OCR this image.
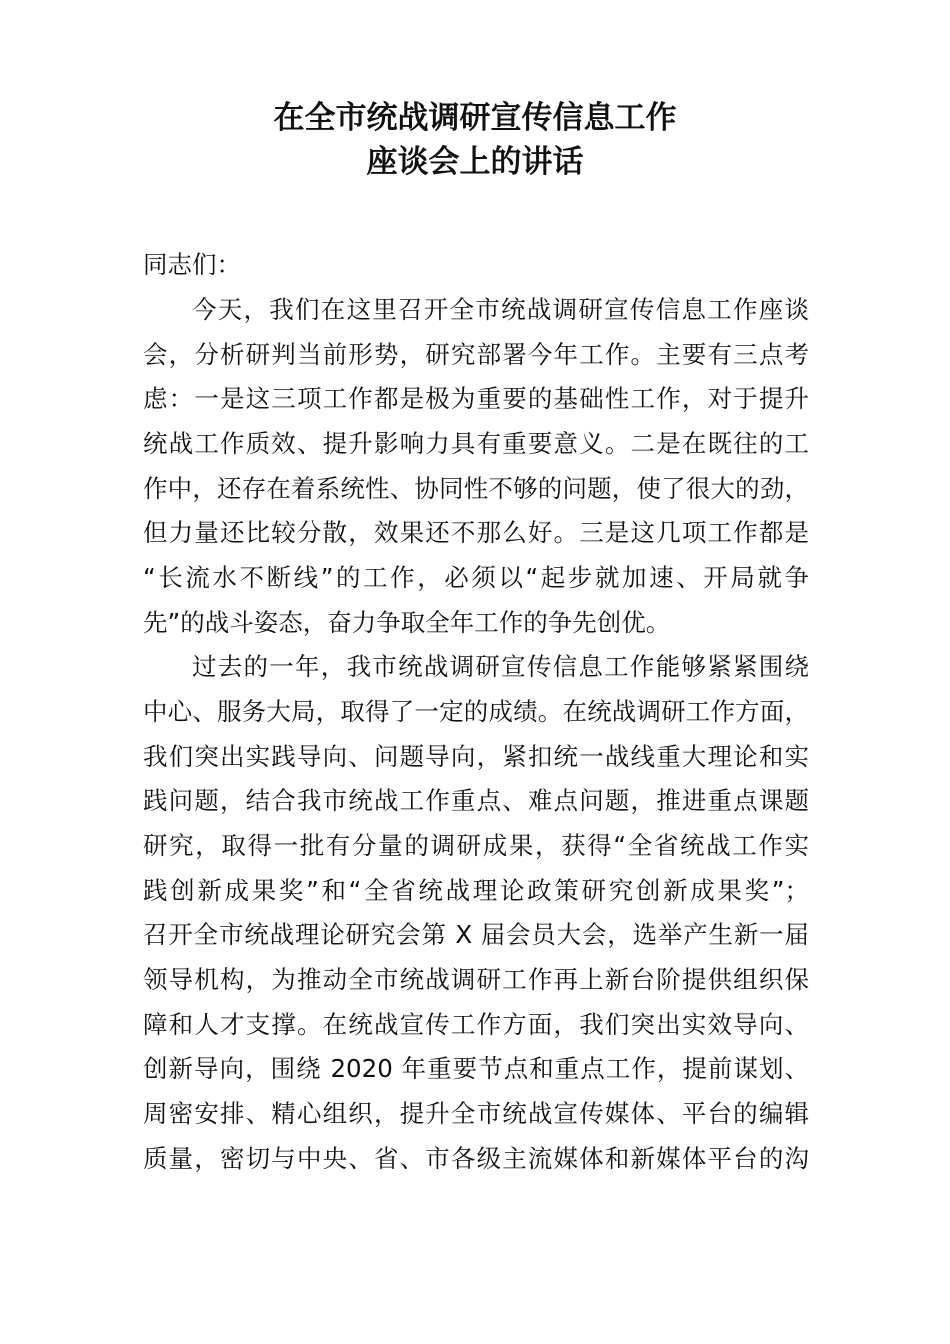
在全市统战调研宣传信息工作
座谈会上的讲话

同志们：

今天，我们在这里召开全市统战调研宣传信息工作座谈

会，分析研判当前形势，研究部署今年工作。主要有三点考

虑：一是这三项工作都是极为重要的基础性工作，对于提升

统战工作质效、提升影响力具有重要意义。二是在既往的工

作中，还存在着系统性、协同性不够的问题，使了很大的劲，

但力量还比较分散，效果还不那么好。三是这几项工作都是

“长流水不断线”的工作，必须以“起步就加速、开局就争

先”的战斗姿态，奋力争取全年工作的争先创优。

过去的一年，我市统战调研宣传信息工作能够紧紧围绕

中心、服务大局，取得了一定的成绩。在统战调研工作方面，

我们突出实践导向、问题导向，紧扣统一战线重大理论和实

践问题，结合我市统战工作重点、难点问题，推进重点课题

研究，取得一批有分量的调研成果，获得“全省统战工作实

践创新成果奖”和“全省统战理论政策研究创新成果奖”；

召开全市统战理论研究会第 X 届会员大会，选举产生新一届

领导机构，为推动全市统战调研工作再上新台阶提供组织保

障和人才支撑。在统战宣传工作方面，我们突出实效导向、

创新导向，围绕 2020 年重要节点和重点工作，提前谋划、

周密安排、精心组织，提升全市统战宣传媒体、平台的编辑

质量，密切与中央、省、市各级主流媒体和新媒体平台的沟
